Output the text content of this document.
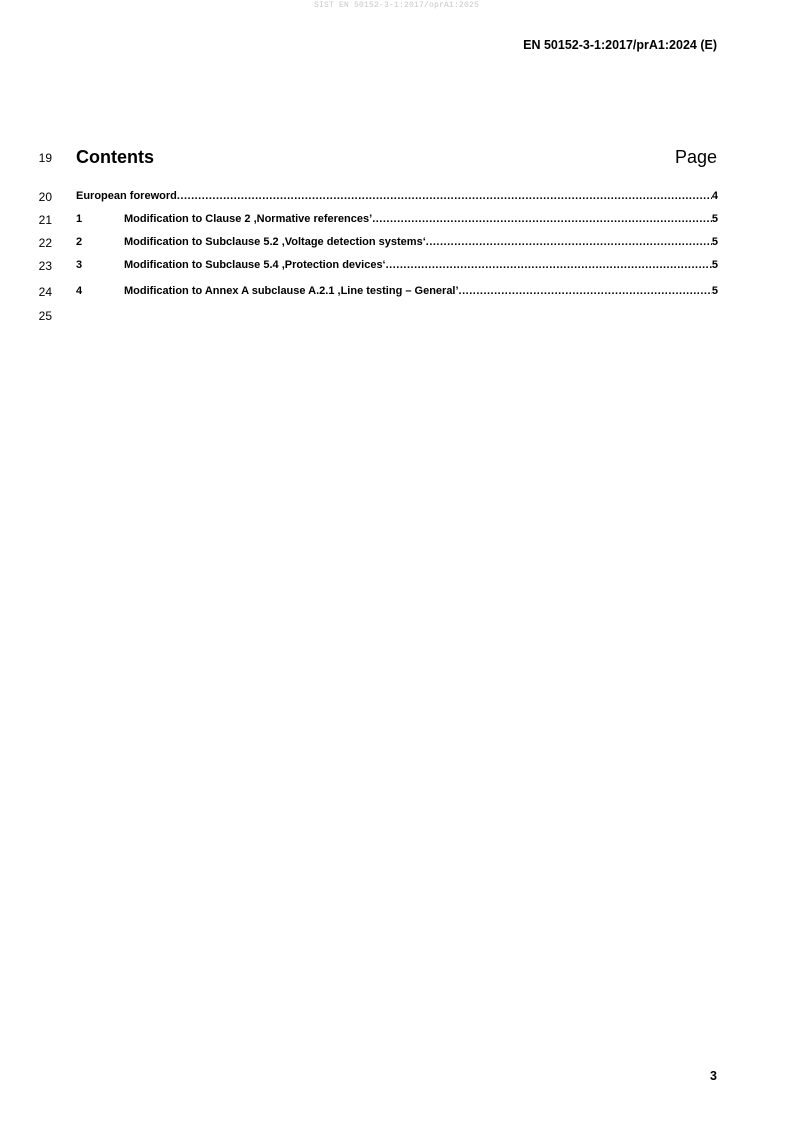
SIST EN 50152-3-1:2017/oprA1:2025
EN 50152-3-1:2017/prA1:2024 (E)
19
20
21
22
23
24
25
Contents	Page
European foreword .....	4
1	Modification to Clause 2 ,Normative references’ .....	5
2	Modification to Subclause 5.2 ,Voltage detection systems‘ .....	5
3	Modification to Subclause 5.4 ,Protection devices‘ .....	5
4	Modification to Annex A subclause A.2.1 ,Line testing – General’ .....	5
3
